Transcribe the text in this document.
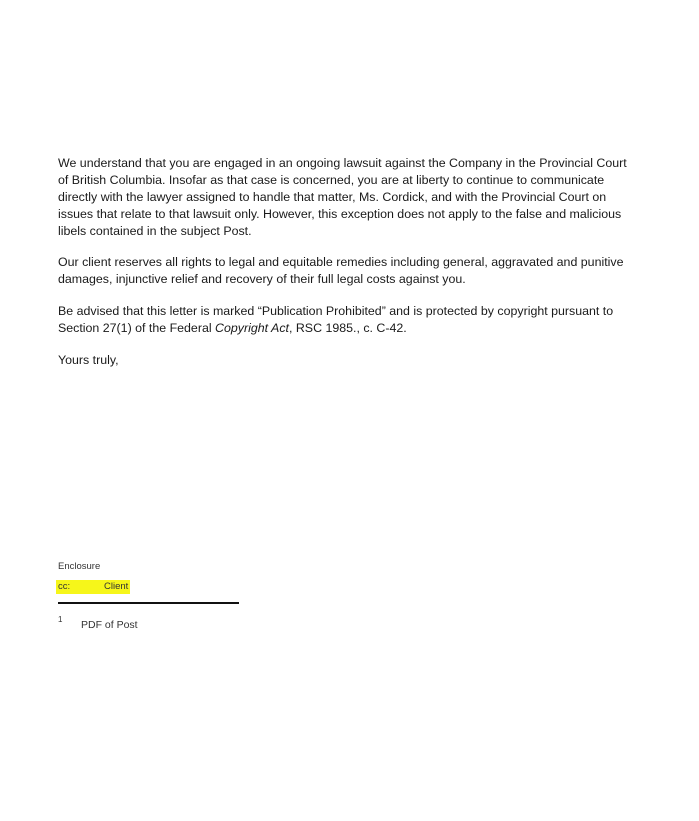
We understand that you are engaged in an ongoing lawsuit against the Company in the Provincial Court of British Columbia. Insofar as that case is concerned, you are at liberty to continue to communicate directly with the lawyer assigned to handle that matter, Ms. Cordick, and with the Provincial Court on issues that relate to that lawsuit only. However, this exception does not apply to the false and malicious libels contained in the subject Post.

Our client reserves all rights to legal and equitable remedies including general, aggravated and punitive damages, injunctive relief and recovery of their full legal costs against you.

Be advised that this letter is marked “Publication Prohibited” and is protected by copyright pursuant to Section 27(1) of the Federal Copyright Act, RSC 1985., c. C-42.

Yours truly,

Enclosure
cc:	Client
1 PDF of Post
